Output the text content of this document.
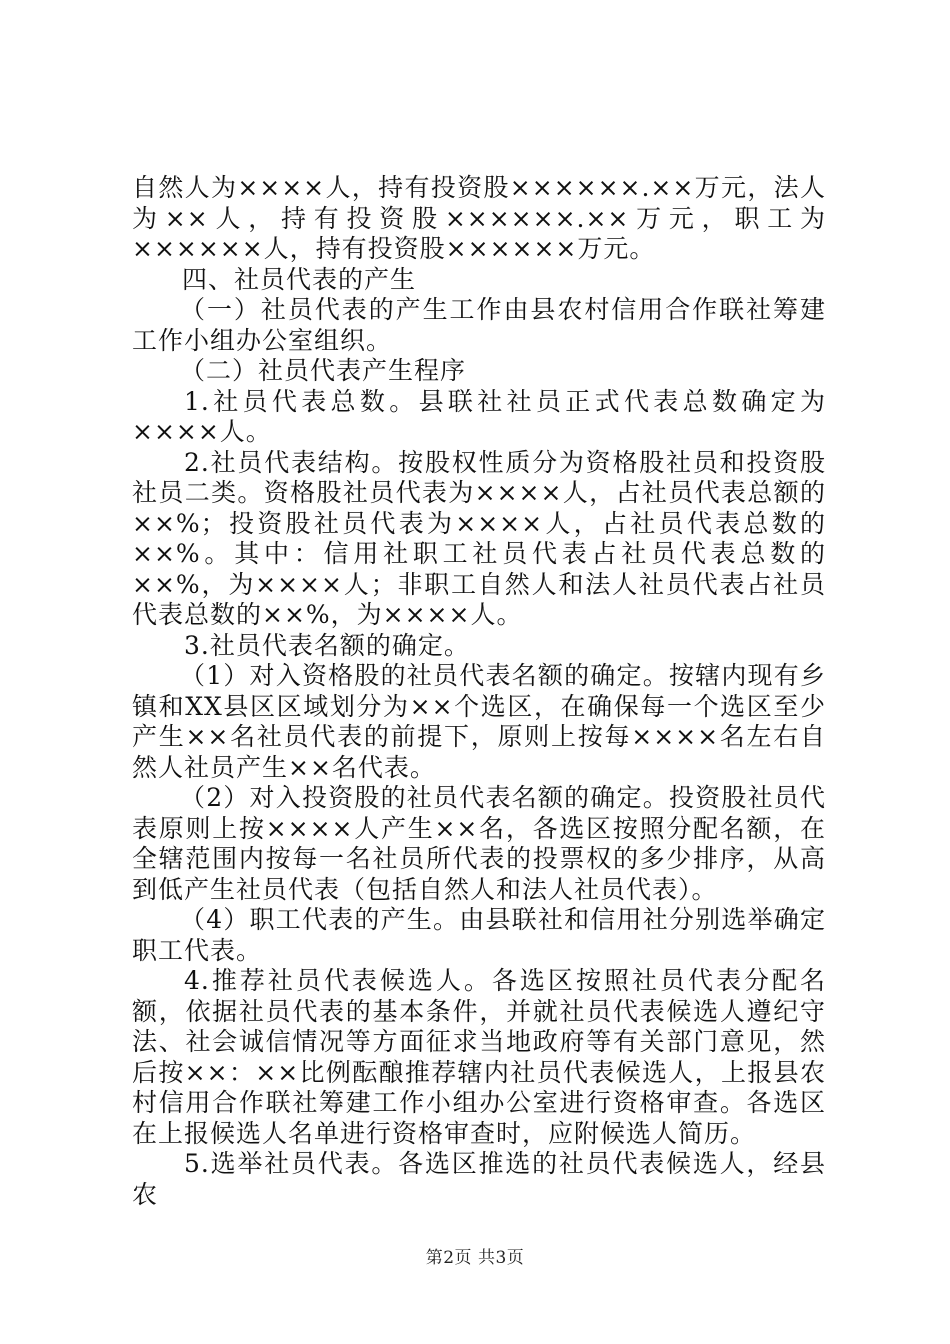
自然人为××××人，持有投资股××××××.××万元，法人为××人，持有投资股××××××.××万元，职工为××××××人，持有投资股××××××万元。

四、社员代表的产生

（一）社员代表的产生工作由县农村信用合作联社筹建工作小组办公室组织。

（二）社员代表产生程序

1.社员代表总数。县联社社员正式代表总数确定为××××人。

2.社员代表结构。按股权性质分为资格股社员和投资股社员二类。资格股社员代表为××××人，占社员代表总额的××%；投资股社员代表为××××人，占社员代表总数的××%。其中：信用社职工社员代表占社员代表总数的××%，为××××人；非职工自然人和法人社员代表占社员代表总数的××%，为××××人。

3.社员代表名额的确定。

（1）对入资格股的社员代表名额的确定。按辖内现有乡镇和XX县区区域划分为××个选区，在确保每一个选区至少产生××名社员代表的前提下，原则上按每××××名左右自然人社员产生××名代表。

（2）对入投资股的社员代表名额的确定。投资股社员代表原则上按××××人产生××名，各选区按照分配名额，在全辖范围内按每一名社员所代表的投票权的多少排序，从高到低产生社员代表（包括自然人和法人社员代表）。

（4）职工代表的产生。由县联社和信用社分别选举确定职工代表。

4.推荐社员代表候选人。各选区按照社员代表分配名额，依据社员代表的基本条件，并就社员代表候选人遵纪守法、社会诚信情况等方面征求当地政府等有关部门意见，然后按××：××比例酝酿推荐辖内社员代表候选人，上报县农村信用合作联社筹建工作小组办公室进行资格审查。各选区在上报候选人名单进行资格审查时，应附候选人简历。

5.选举社员代表。各选区推选的社员代表候选人，经县农

第2页 共3页
